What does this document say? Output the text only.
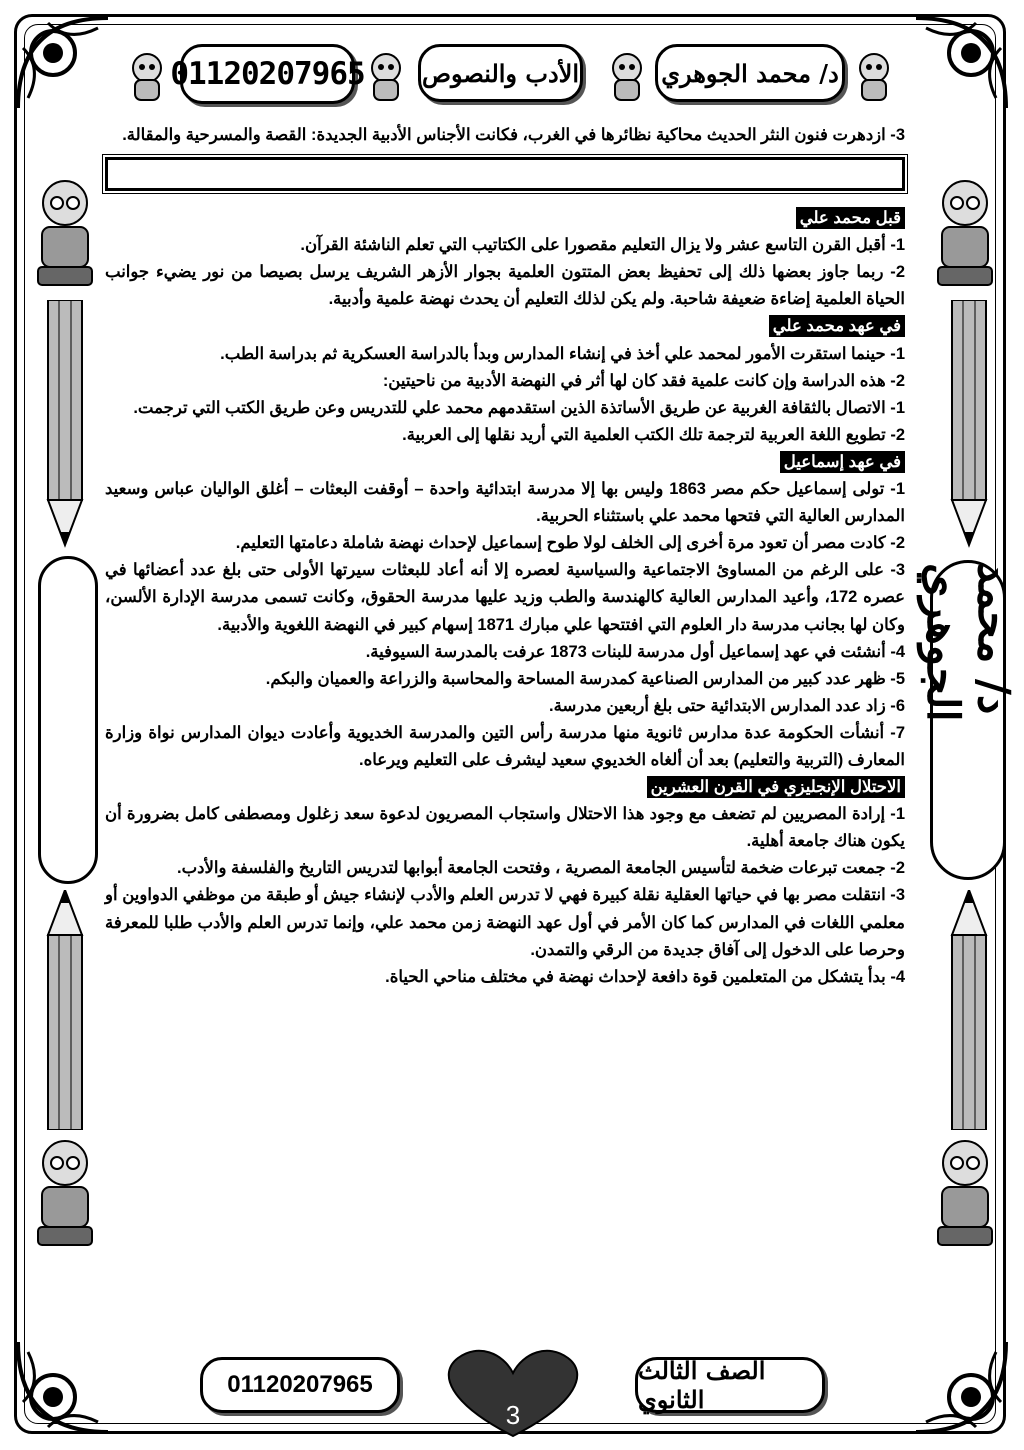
01120207965 الأدب والنصوص	د/ محمد الجوهري
د/ محمد الجوهري

3- ازدهرت فنون النثر الحديث محاكية نظائرها في الغرب، فكانت الأجناس الأدبية الجديدة: القصة والمسرحية والمقالة.

قبل محمد علي

1- أقبل القرن التاسع عشر ولا يزال التعليم مقصورا على الكتاتيب التي تعلم الناشئة القرآن.

2- ربما جاوز بعضها ذلك إلى تحفيظ بعض المتتون العلمية بجوار الأزهر الشريف يرسل بصيصا من نور يضيء جوانب الحياة العلمية إضاءة ضعيفة شاحبة. ولم يكن لذلك التعليم أن يحدث نهضة علمية وأدبية.

في عهد محمد علي

1- حينما استقرت الأمور لمحمد علي أخذ في إنشاء المدارس وبدأ بالدراسة العسكرية ثم بدراسة الطب.

2- هذه الدراسة وإن كانت علمية فقد كان لها أثر في النهضة الأدبية من ناحيتين:

1- الاتصال بالثقافة الغربية عن طريق الأساتذة الذين استقدمهم محمد علي للتدريس وعن طريق الكتب التي ترجمت.

2- تطويع اللغة العربية لترجمة تلك الكتب العلمية التي أريد نقلها إلى العربية.

في عهد إسماعيل

1- تولى إسماعيل حكم مصر 1863 وليس بها إلا مدرسة ابتدائية واحدة – أوقفت البعثات – أغلق الواليان عباس وسعيد المدارس العالية التي فتحها محمد علي باستثناء الحربية.

2- كادت مصر أن تعود مرة أخرى إلى الخلف لولا طوح إسماعيل لإحداث نهضة شاملة دعامتها التعليم.

3- على الرغم من المساوئ الاجتماعية والسياسية لعصره إلا أنه أعاد للبعثات سيرتها الأولى حتى بلغ عدد أعضائها في عصره 172، وأعيد المدارس العالية كالهندسة والطب وزيد عليها مدرسة الحقوق، وكانت تسمى مدرسة الإدارة الألسن، وكان لها بجانب مدرسة دار العلوم التي افتتحها علي مبارك 1871 إسهام كبير في النهضة اللغوية والأدبية.

4- أنشئت في عهد إسماعيل أول مدرسة للبنات 1873 عرفت بالمدرسة السيوفية.

5- ظهر عدد كبير من المدارس الصناعية كمدرسة المساحة والمحاسبة والزراعة والعميان والبكم.

6- زاد عدد المدارس الابتدائية حتى بلغ أربعين مدرسة.

7- أنشأت الحكومة عدة مدارس ثانوية منها مدرسة رأس التين والمدرسة الخديوية وأعادت ديوان المدارس نواة وزارة المعارف (التربية والتعليم) بعد أن ألغاه الخديوي سعيد ليشرف على التعليم ويرعاه.

الاحتلال الإنجليزي في القرن العشرين

1- إرادة المصريين لم تضعف مع وجود هذا الاحتلال واستجاب المصريون لدعوة سعد زغلول ومصطفى كامل بضرورة أن يكون هناك جامعة أهلية.

2- جمعت تبرعات ضخمة لتأسيس الجامعة المصرية ، وفتحت الجامعة أبوابها لتدريس التاريخ والفلسفة والأدب.

3- انتقلت مصر بها في حياتها العقلية نقلة كبيرة فهي لا تدرس العلم والأدب لإنشاء جيش أو طبقة من موظفي الدواوين أو معلمي اللغات في المدارس كما كان الأمر في أول عهد النهضة زمن محمد علي، وإنما تدرس العلم والأدب طلبا للمعرفة وحرصا على الدخول إلى آفاق جديدة من الرقي والتمدن.

4- بدأ يتشكل من المتعلمين قوة دافعة لإحداث نهضة في مختلف مناحي الحياة.

01120207965
3
الصف الثالث الثانوي
